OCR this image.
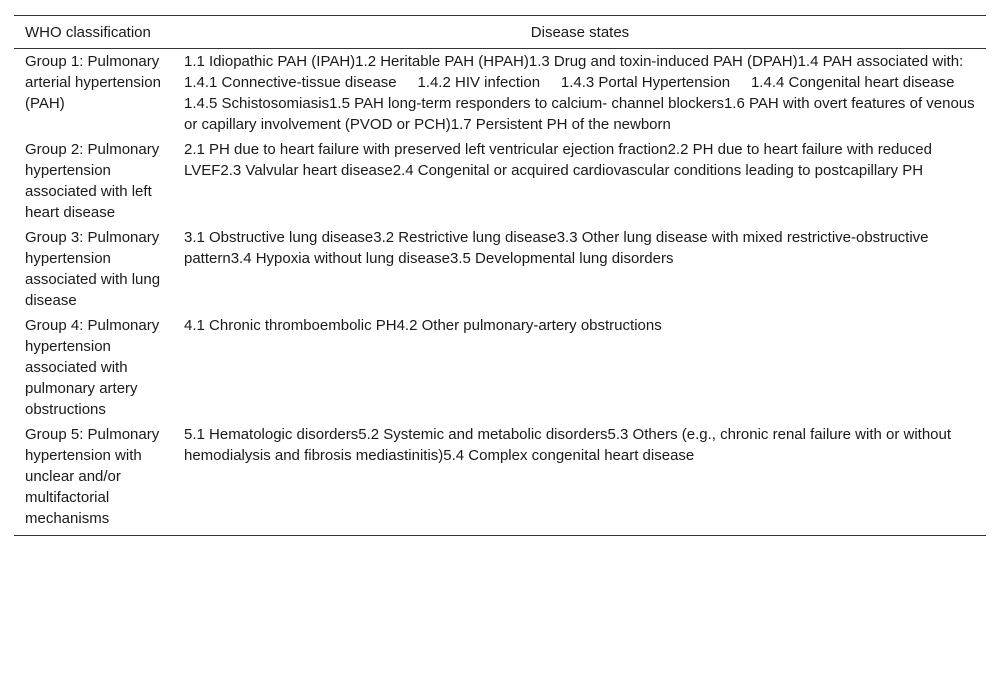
WHO classification	Disease states
Group 1: Pulmonary arterial hypertension (PAH)	1.1 Idiopathic PAH (IPAH)1.2 Heritable PAH (HPAH)1.3 Drug and toxin-induced PAH (DPAH)1.4 PAH associated with:     1.4.1 Connective-tissue disease     1.4.2 HIV infection     1.4.3 Portal Hypertension     1.4.4 Congenital heart disease     1.4.5 Schistosomiasis1.5 PAH long-term responders to calcium- channel blockers1.6 PAH with overt features of venous or capillary involvement (PVOD or PCH)1.7 Persistent PH of the newborn
Group 2: Pulmonary hypertension associated with left heart disease	2.1 PH due to heart failure with preserved left ventricular ejection fraction2.2 PH due to heart failure with reduced LVEF2.3 Valvular heart disease2.4 Congenital or acquired cardiovascular conditions leading to postcapillary PH
Group 3: Pulmonary hypertension associated with lung disease	3.1 Obstructive lung disease3.2 Restrictive lung disease3.3 Other lung disease with mixed restrictive-obstructive pattern3.4 Hypoxia without lung disease3.5 Developmental lung disorders
Group 4: Pulmonary hypertension associated with pulmonary artery obstructions	4.1 Chronic thromboembolic PH4.2 Other pulmonary-artery obstructions
Group 5: Pulmonary hypertension with unclear and/or multifactorial mechanisms	5.1 Hematologic disorders5.2 Systemic and metabolic disorders5.3 Others (e.g., chronic renal failure with or without hemodialysis and fibrosis mediastinitis)5.4 Complex congenital heart disease
